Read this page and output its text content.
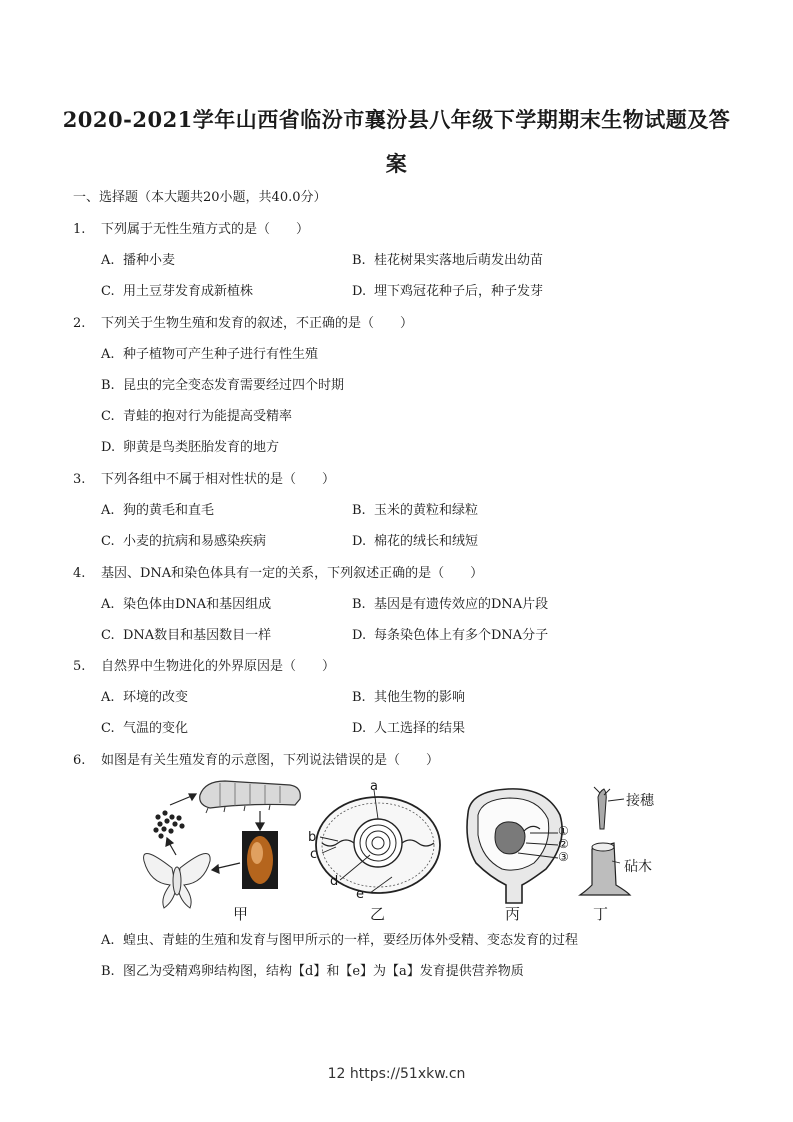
2020-2021学年山西省临汾市襄汾县八年级下学期期末生物试题及答
案
一、选择题（本大题共20小题，共40.0分）
1. 下列属于无性生殖方式的是（　　）
A. 播种小麦	B. 桂花树果实落地后萌发出幼苗
C. 用土豆芽发育成新植株	D. 埋下鸡冠花种子后，种子发芽
2. 下列关于生物生殖和发育的叙述，不正确的是（　　）
A. 种子植物可产生种子进行有性生殖
B. 昆虫的完全变态发育需要经过四个时期
C. 青蛙的抱对行为能提高受精率
D. 卵黄是鸟类胚胎发育的地方
3. 下列各组中不属于相对性状的是（　　）
A. 狗的黄毛和直毛	B. 玉米的黄粒和绿粒
C. 小麦的抗病和易感染疾病	D. 棉花的绒长和绒短
4. 基因、DNA和染色体具有一定的关系，下列叙述正确的是（　　）
A. 染色体由DNA和基因组成	B. 基因是有遗传效应的DNA片段
C. DNA数目和基因数目一样	D. 每条染色体上有多个DNA分子
5. 自然界中生物进化的外界原因是（　　）
A. 环境的改变	B. 其他生物的影响
C. 气温的变化	D. 人工选择的结果
6. 如图是有关生殖发育的示意图，下列说法错误的是（　　）
a
b
c
d
e
①
②
③
接穗
砧木
甲	乙	丙	丁
A. 蝗虫、青蛙的生殖和发育与图甲所示的一样，要经历体外受精、变态发育的过程
B. 图乙为受精鸡卵结构图，结构【d】和【e】为【a】发育提供营养物质
12 https://51xkw.cn
